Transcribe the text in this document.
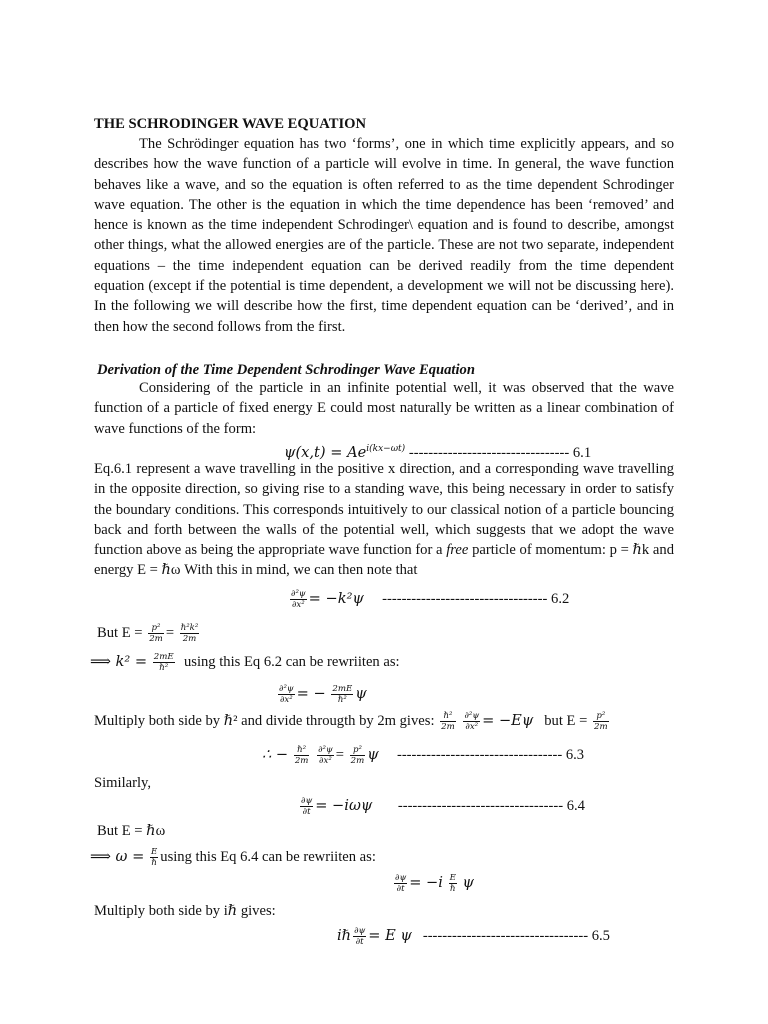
THE SCHRODINGER WAVE EQUATION
The Schrödinger equation has two ‘forms’, one in which time explicitly appears, and so describes how the wave function of a particle will evolve in time. In general, the wave function behaves like a wave, and so the equation is often referred to as the time dependent Schrodinger wave equation. The other is the equation in which the time dependence has been ‘removed’ and hence is known as the time independent Schrodinger\ equation and is found to describe, amongst other things, what the allowed energies are of the particle. These are not two separate, independent equations – the time independent equation can be derived readily from the time dependent equation (except if the potential is time dependent, a development we will not be discussing here). In the following we will describe how the first, time dependent equation can be ‘derived’, and in then how the second follows from the first.
Derivation of the Time Dependent Schrodinger Wave Equation
Considering of the particle in an infinite potential well, it was observed that the wave function of a particle of fixed energy E could most naturally be written as a linear combination of wave functions of the form:
$\psi(x,t) = Ae^{i(kx-\omega t)}$ --------------------------------- 6.1
Eq.6.1 represent a wave travelling in the positive x direction, and a corresponding wave travelling in the opposite direction, so giving rise to a standing wave, this being necessary in order to satisfy the boundary conditions. This corresponds intuitively to our classical notion of a particle bouncing back and forth between the walls of the potential well, which suggests that we adopt the wave function above as being the appropriate wave function for a free particle of momentum: p = ℏk and energy E = ℏω With this in mind, we can then note that
$\frac{\text{∂²ψ}}{\text{∂x²}} = -k^2\psi$ ---------------------------------- 6.2
But $E = \frac{\text{p²}}{2m} = \frac{\text{ℏ²k²}}{2m}$
⟹ $k^2 = \frac{2mE}{\text{ℏ²}}$ using this Eq 6.2 can be rewriiten as:
$\frac{\text{∂²ψ}}{\text{∂x²}}$ = − $\frac{2mE}{\text{ℏ²}}$ ψ
Multiply both side by ℏ² and divide througth by 2m gives: $\frac{\text{ℏ²}}{2m}$
$\frac{\text{∂²ψ}}{\text{∂x²}} = -E\psi$ but $E = \frac{\text{p²}}{2m}$
∴ − $\frac{\text{ℏ²}}{2m}$
$\frac{\text{∂²ψ}}{\text{∂x²}} = \frac{\text{p²}}{2m}$ ψ ---------------------------------- 6.3
Similarly,
$\frac{\partial\psi}{\partial t} = -i\omega\psi$ ---------------------------------- 6.4
But E = ℏω
⟹ $\omega = \frac{E}{\text{ℏ}}$ using this Eq 6.4 can be rewriiten as:
$\frac{\partial\psi}{\partial t} = -i \frac{E}{\text{ℏ}}$ ψ
Multiply both side by iℏ gives:
iℏ $\frac{\partial\psi}{\partial t} = E$ ψ ---------------------------------- 6.5
